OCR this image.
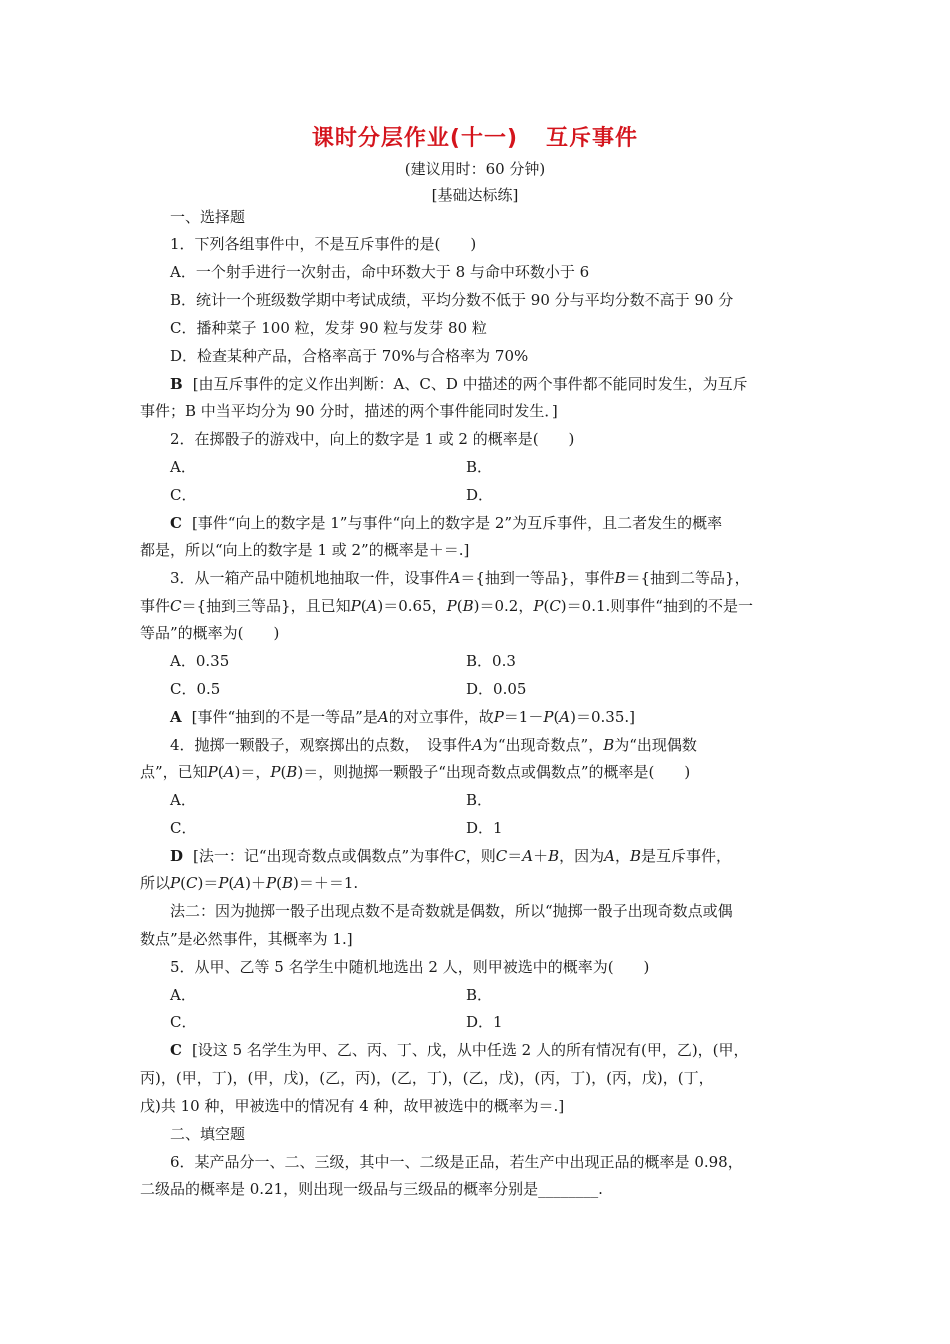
课时分层作业(十一) 互斥事件
(建议用时：60 分钟)
[基础达标练]
一、选择题
1．下列各组事件中，不是互斥事件的是(　　)
A．一个射手进行一次射击，命中环数大于 8 与命中环数小于 6
B．统计一个班级数学期中考试成绩，平均分数不低于 90 分与平均分数不高于 90 分
C．播种菜子 100 粒，发芽 90 粒与发芽 80 粒
D．检查某种产品，合格率高于 70%与合格率为 70%
B [由互斥事件的定义作出判断：A、C、D 中描述的两个事件都不能同时发生，为互斥
事件；B 中当平均分为 90 分时，描述的两个事件能同时发生．]
2．在掷骰子的游戏中，向上的数字是 1 或 2 的概率是(　　)
A．	B．
C．	D．
C [事件“向上的数字是 1”与事件“向上的数字是 2”为互斥事件，且二者发生的概率
都是，所以“向上的数字是 1 或 2”的概率是＋＝.]
3．从一箱产品中随机地抽取一件，设事件A＝{抽到一等品}，事件B＝{抽到二等品}，
事件C＝{抽到三等品}，且已知P(A)＝0.65，P(B)＝0.2，P(C)＝0.1.则事件“抽到的不是一
等品”的概率为(　　)
A．0.35	B．0.3
C．0.5	D．0.05
A [事件“抽到的不是一等品”是A的对立事件，故P＝1－P(A)＝0.35.]
4．抛掷一颗骰子，观察掷出的点数，　设事件A为“出现奇数点”，B为“出现偶数
点”，已知P(A)＝，P(B)＝，则抛掷一颗骰子“出现奇数点或偶数点”的概率是(　　)
A．	B．
C．	D．1
D [法一：记“出现奇数点或偶数点”为事件C，则C＝A＋B，因为A，B是互斥事件，
所以P(C)＝P(A)＋P(B)＝＋＝1.
法二：因为抛掷一骰子出现点数不是奇数就是偶数，所以“抛掷一骰子出现奇数点或偶
数点”是必然事件，其概率为 1.]
5．从甲、乙等 5 名学生中随机地选出 2 人，则甲被选中的概率为(　　)
A．	B．
C．	D．1
C [设这 5 名学生为甲、乙、丙、丁、戊，从中任选 2 人的所有情况有(甲，乙)，(甲，
丙)，(甲，丁)，(甲，戊)，(乙，丙)，(乙，丁)，(乙，戊)，(丙，丁)，(丙，戊)，(丁，
戊)共 10 种，甲被选中的情况有 4 种，故甲被选中的概率为＝.]
二、填空题
6．某产品分一、二、三级，其中一、二级是正品，若生产中出现正品的概率是 0.98，
二级品的概率是 0.21，则出现一级品与三级品的概率分别是________.
